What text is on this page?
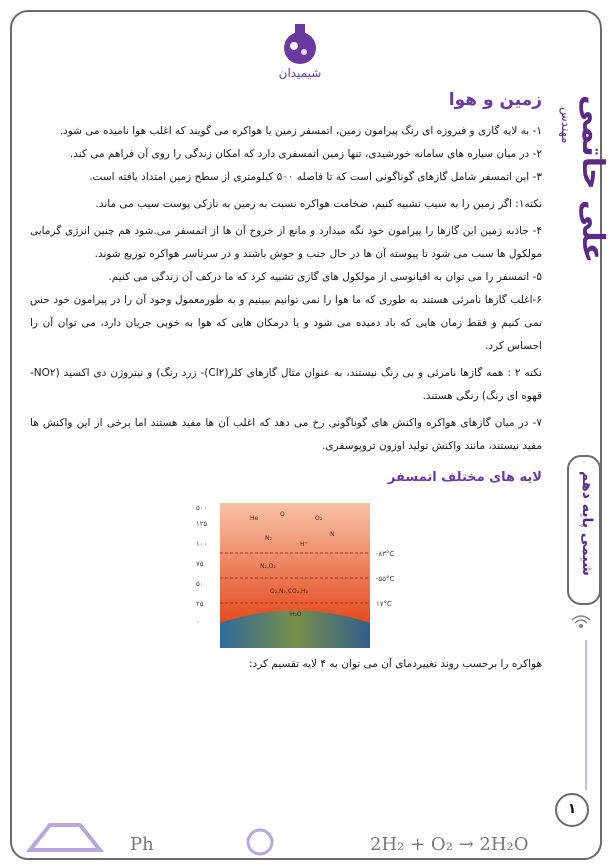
شیمیدان
علی حاتمی
مهندس
شیمی پایه دهم
۱
زمین و هوا

۱- به لایه گازی و فیروزه ای رنگ پیرامون زمین، اتمسفر زمین یا هواکره می گویند که اغلب هوا نامیده می شود.

۲- در میان سیاره های سامانه خورشیدی، تنها زمین اتمسفری دارد که امکان زندگی را روی آن فراهم می کند.

۳- این اتمسفر شامل گازهای گوناگونی است که تا فاصله ۵۰۰ کیلومتری از سطح زمین امتداد یافته است.

نکته۱: اگر زمین را به سیب تشبیه کنیم، ضخامت هواکره نسبت به زمین به نازکی پوست سیب می ماند.

۴- جاذبه زمین این گازها را پیرامون خود نگه میدارد و مانع از خروج آن ها از اتمسفر می.شود هم چنین انرژی گرمایی مولکول ها سبب می شود تا پیوسته آن ها در حال جنب و جوش باشند و در سرتاسر هواکره توزیع شوند.

۵- اتمسفر را می توان به اقیانوسی از مولکول های گازی تشبیه کرد که ما درکف آن زندگی می کنیم.

۶-اغلب گازها نامرئی هستند به طوری که ما هوا را نمی توانیم ببینیم و به طورمعمول وجود آن را در پیرامون خود حس نمی کنیم و فقط زمان هایی که باد دمیده می شود و یا درمکان هایی که هوا به خوبی جریان دارد، می توان آن را احساس کرد.

نکته ۲ : همه گازها نامرئی و بی رنگ نیستند، به عنوان مثال گازهای کلر(Cl۲)- زرد رنگ) و نیتروژن دی اکسید (NO۲- قهوه ای رنگ) رنگی هستند.

۷- در میان گازهای هواکره واکنش های گوناگونی رخ می دهد که اغلب آن ها مفید هستند اما برخی از این واکنش ها مفید نیستند، مانند واکنش تولید اوزون تروپوسفری.

لایه های مختلف اتمسفر
۵۰۰
۱۲۵
۱۰۰
۷۵
۵۰
۲۵
۰
-۸۳°C
-۵۵°C
۱۷°C
He
O
O₂
N₂
N
N₂,O₂
H⁺
O₂,N₂,CO₂,H₂
H₂O
هواکره را برحسب روند تغییردمای آن می توان به ۴ لایه تقسیم کرد:
Ph	2H₂ + O₂ → 2H₂O
